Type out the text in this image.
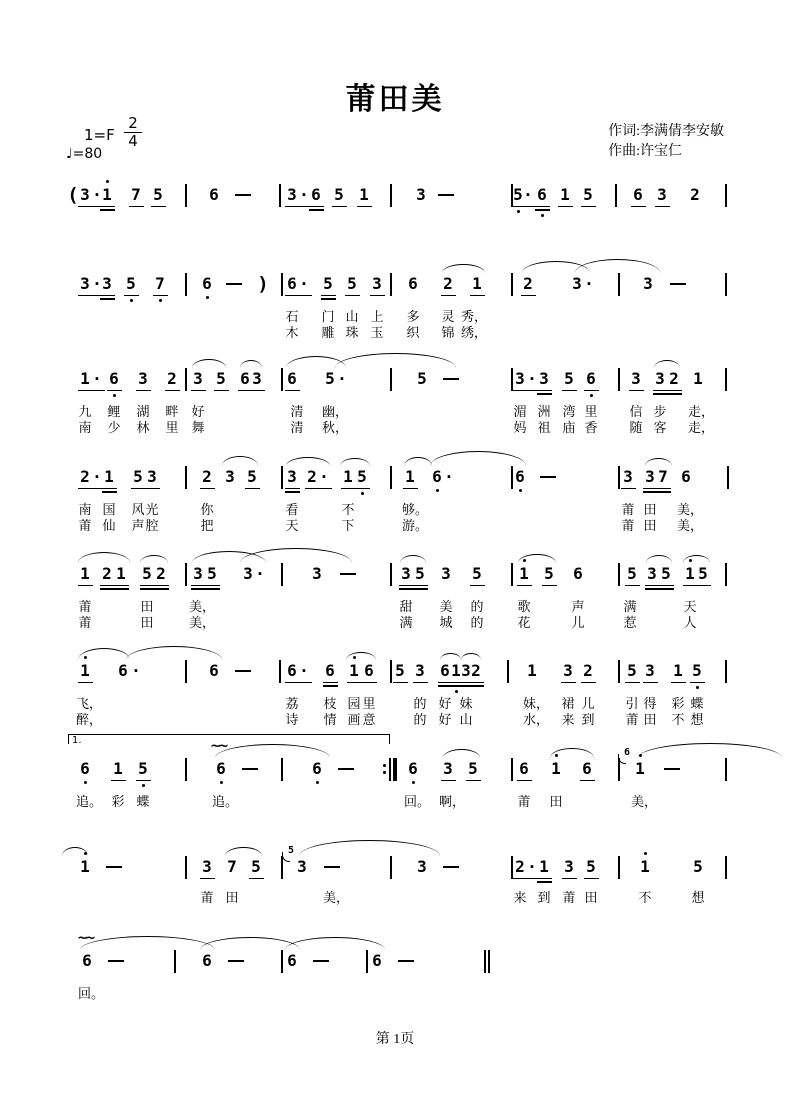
莆田美
1=F
2
4
♩=80
作词:李满倩李安敏
作曲:许宝仁
( 3 · 1 7 5	6	3 · 6 5 1	3	5 · 6 1 5	6 3 2
3 · 3 5 7 6 ) 6 · 5 5 3 6 2 1	2 3 ·	3
石 门 山 上 多 灵 秀，
木 雕 珠 玉 织 锦 绣，
1 · 6 3 2 3 5 6 3 6 5 ·	5	3 · 3 5 6 3 3 2 1
九 鲤 湖 畔 好	清 幽，	湄 洲 湾 里 信 步 走，
南 少 林 里 舞	清 秋，	妈 祖 庙 香 随 客 走，
2 · 1 5 3	2 3 5 3 2 · 1 5 1 6 ·	6	3 3 7 6
南 国 风 光	你	看	不	够。	莆 田 美，
莆 仙 声 腔	把	天	下	游。	莆 田 美，
1 2 1 5 2 3 5 3 ·	3	3 5 3 5 1 5 6	5 3 5 1 5
莆	田	美，	甜 美 的	歌	声	满	天
莆	田	美，	满 城 的	花	儿	惹	人
1 6 ·	6	6 · 6 1 6 5 3 6 1 3 2	1 3 2 5 3 1 5
飞，	荔 枝 园 里	的 好 妹	妹， 裙 儿 引 得 彩 蝶
醉，	诗 情 画 意	的 好 山	水， 来 到 莆 田 不 想
6 1 5	6	6	6 3 5	6 1 6
6
1
~~
1.
追。 彩 蝶	追。	回。 啊，	莆 田	美，
1	3 7 5
5
3	3	2 · 1 3 5	1	5
莆 田	美，	来 到 莆 田	不	想
6	6	6	6
~~
回。
第 1页
